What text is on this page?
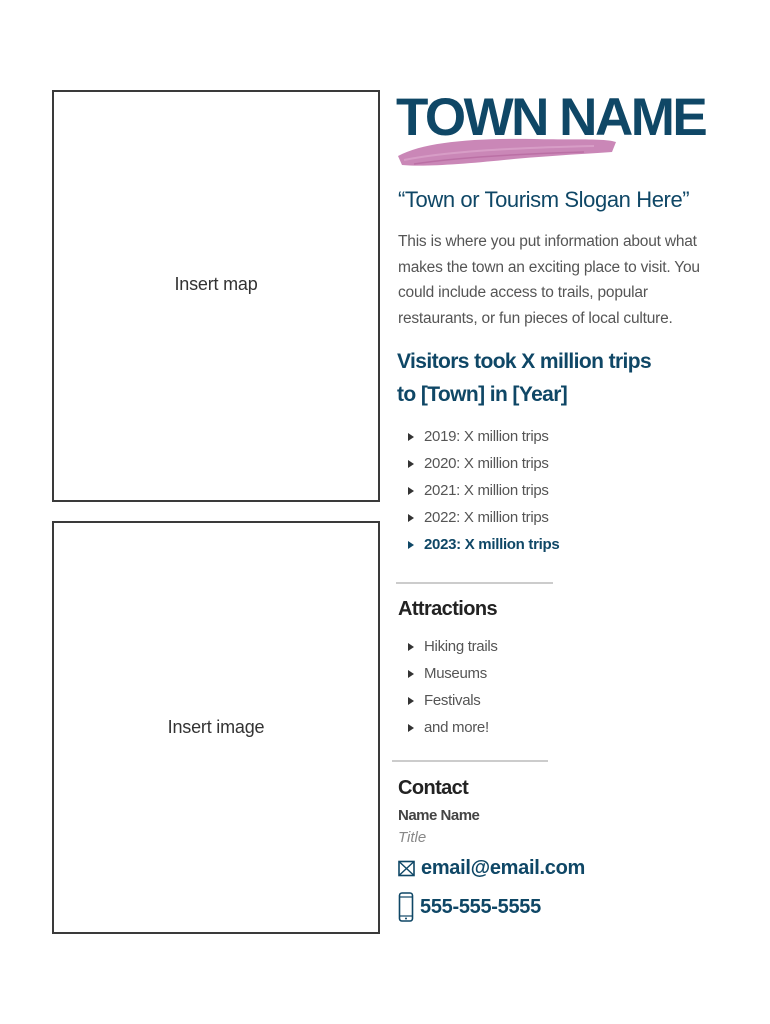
Insert map
Insert image
TOWN NAME

“Town or Tourism Slogan Here”

This is where you put information about what makes the town an exciting place to visit. You could include access to trails, popular restaurants, or fun pieces of local culture.

Visitors took X million trips
to [Town] in [Year]
2019: X million trips
2020: X million trips
2021: X million trips
2022: X million trips
2023: X million trips
Attractions
Hiking trails
Museums
Festivals
and more!
Contact

Name Name

Title

email@email.com
555-555-5555
